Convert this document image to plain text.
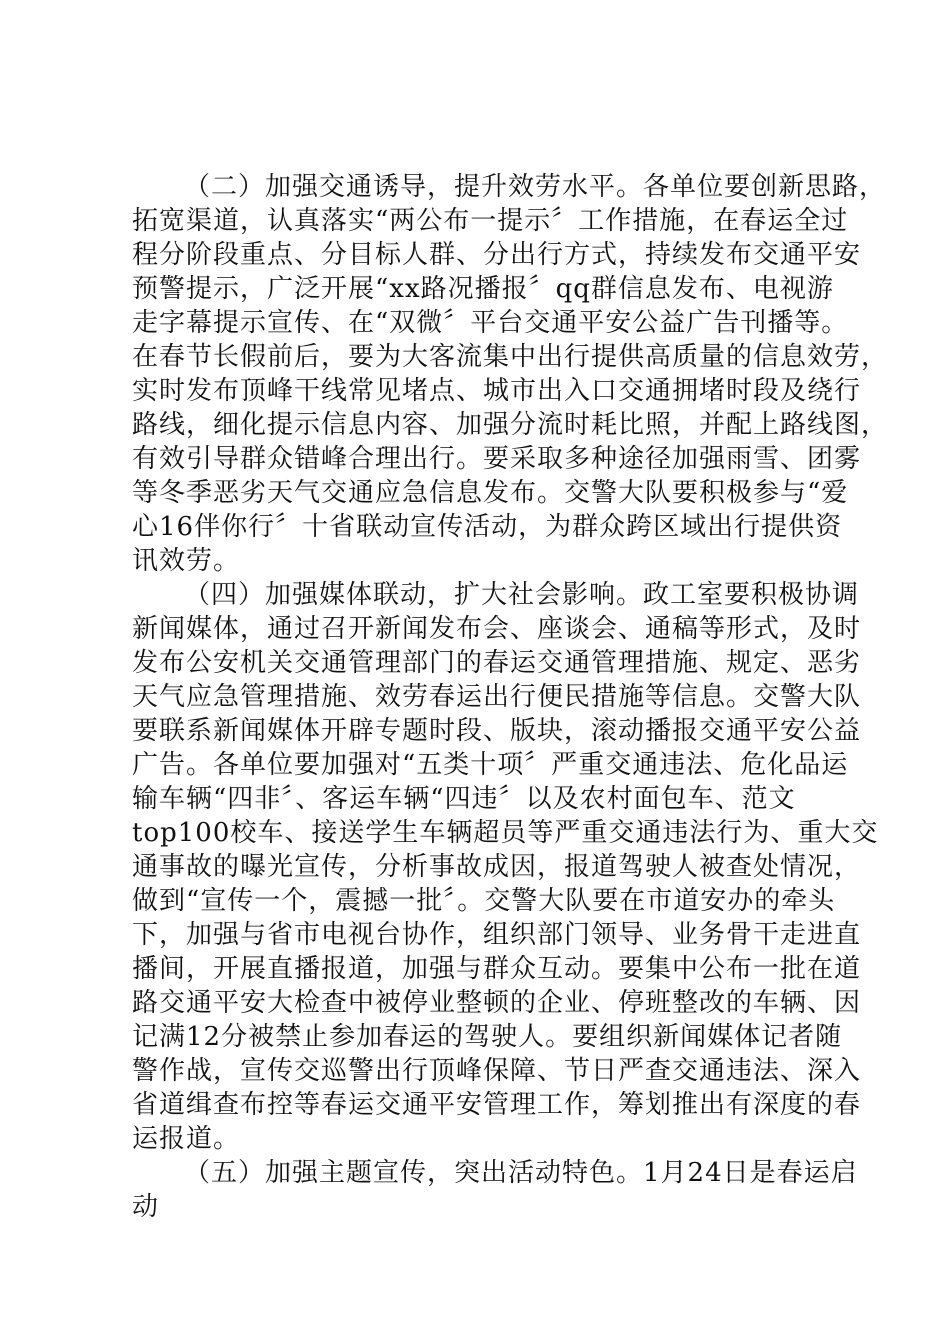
（二）加强交通诱导，提升效劳水平。各单位要创新思路，
拓宽渠道，认真落实“两公布一提示〞工作措施，在春运全过
程分阶段重点、分目标人群、分出行方式，持续发布交通平安
预警提示，广泛开展“xx路况播报〞qq群信息发布、电视游
走字幕提示宣传、在“双微〞平台交通平安公益广告刊播等。
在春节长假前后，要为大客流集中出行提供高质量的信息效劳，
实时发布顶峰干线常见堵点、城市出入口交通拥堵时段及绕行
路线，细化提示信息内容、加强分流时耗比照，并配上路线图，
有效引导群众错峰合理出行。要采取多种途径加强雨雪、团雾
等冬季恶劣天气交通应急信息发布。交警大队要积极参与“爱
心16伴你行〞十省联动宣传活动，为群众跨区域出行提供资
讯效劳。
（四）加强媒体联动，扩大社会影响。政工室要积极协调
新闻媒体，通过召开新闻发布会、座谈会、通稿等形式，及时
发布公安机关交通管理部门的春运交通管理措施、规定、恶劣
天气应急管理措施、效劳春运出行便民措施等信息。交警大队
要联系新闻媒体开辟专题时段、版块，滚动播报交通平安公益
广告。各单位要加强对“五类十项〞严重交通违法、危化品运
输车辆“四非〞、客运车辆“四违〞以及农村面包车、范文
top100校车、接送学生车辆超员等严重交通违法行为、重大交
通事故的曝光宣传，分析事故成因，报道驾驶人被查处情况，
做到“宣传一个，震撼一批〞。交警大队要在市道安办的牵头
下，加强与省市电视台协作，组织部门领导、业务骨干走进直
播间，开展直播报道，加强与群众互动。要集中公布一批在道
路交通平安大检查中被停业整顿的企业、停班整改的车辆、因
记满12分被禁止参加春运的驾驶人。要组织新闻媒体记者随
警作战，宣传交巡警出行顶峰保障、节日严查交通违法、深入
省道缉查布控等春运交通平安管理工作，筹划推出有深度的春
运报道。
（五）加强主题宣传，突出活动特色。1月24日是春运启
动
